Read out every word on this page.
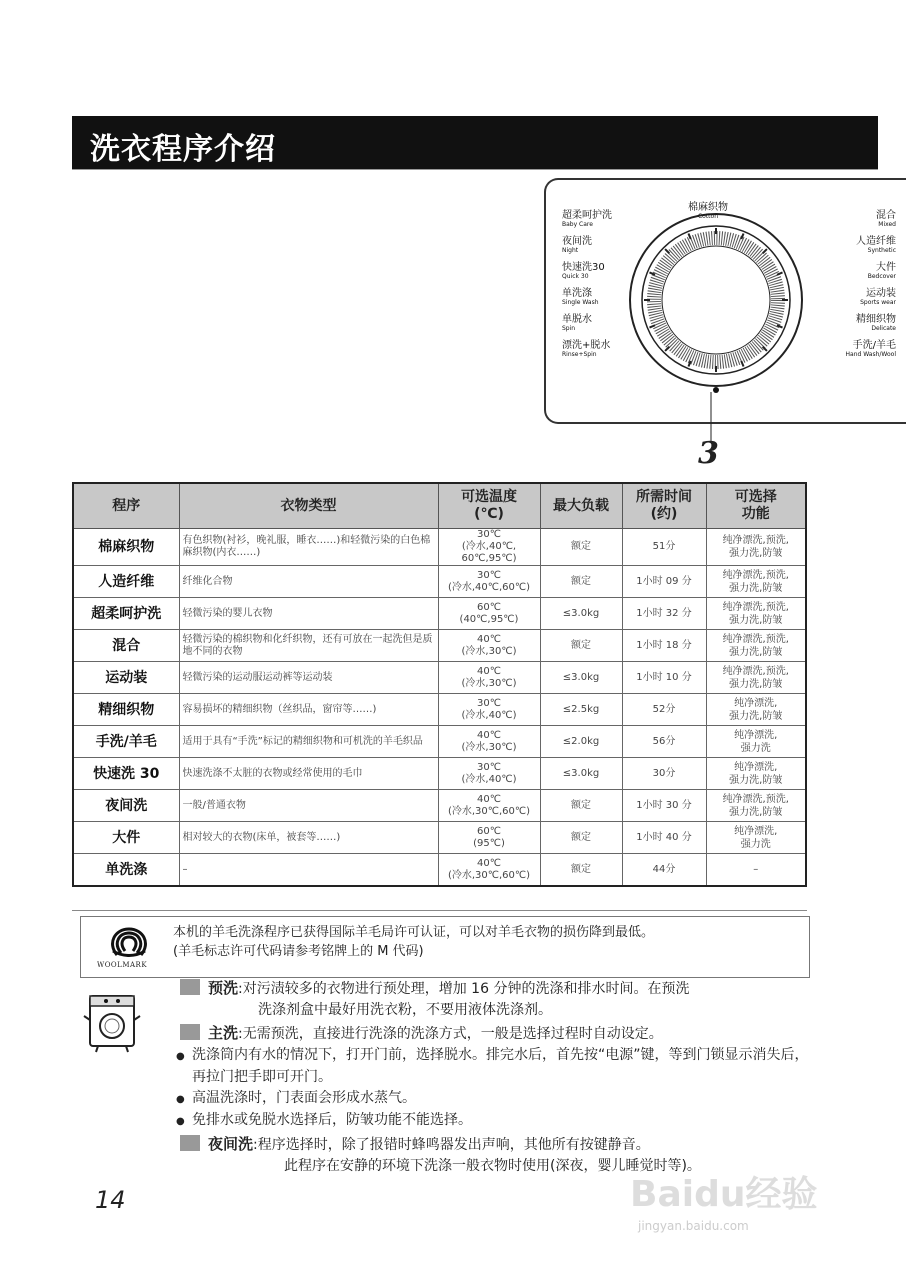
洗衣程序介绍
棉麻织物
Cotton
超柔呵护洗
Baby Care
夜间洗
Night
快速洗30
Quick 30
单洗涤
Single Wash
单脱水
Spin
漂洗+脱水
Rinse+Spin
混合
Mixed
人造纤维
Synthetic
大件
Bedcover
运动装
Sports wear
精细织物
Delicate
手洗/羊毛
Hand Wash/Wool
3
程序	衣物类型	可选温度
(℃)	最大负载	所需时间
(约)	可选择
功能
棉麻织物	有色织物(衬衫，晚礼服，睡衣……)和轻微污染的白色棉麻织物(内衣……)	30℃
(冷水,40℃,
60℃,95℃)	额定	51分	纯净漂洗,预洗,
强力洗,防皱
人造纤维	纤维化合物	30℃
(冷水,40℃,60℃)	额定	1小时 09 分	纯净漂洗,预洗,
强力洗,防皱
超柔呵护洗	轻微污染的婴儿衣物	60℃
(40℃,95℃)	≤3.0kg	1小时 32 分	纯净漂洗,预洗,
强力洗,防皱
混合	轻微污染的棉织物和化纤织物，还有可放在一起洗但是质地不同的衣物	40℃
(冷水,30℃)	额定	1小时 18 分	纯净漂洗,预洗,
强力洗,防皱
运动装	轻微污染的运动服运动裤等运动装	40℃
(冷水,30℃)	≤3.0kg	1小时 10 分	纯净漂洗,预洗,
强力洗,防皱
精细织物	容易损坏的精细织物（丝织品，窗帘等……)	30℃
(冷水,40℃)	≤2.5kg	52分	纯净漂洗,
强力洗,防皱
手洗/羊毛	适用于具有“手洗”标记的精细织物和可机洗的羊毛织品	40℃
(冷水,30℃)	≤2.0kg	56分	纯净漂洗,
强力洗
快速洗 30	快速洗涤不太脏的衣物或经常使用的毛巾	30℃
(冷水,40℃)	≤3.0kg	30分	纯净漂洗,
强力洗,防皱
夜间洗	一般/普通衣物	40℃
(冷水,30℃,60℃)	额定	1小时 30 分	纯净漂洗,预洗,
强力洗,防皱
大件	相对较大的衣物(床单，被套等……)	60℃
(95℃)	额定	1小时 40 分	纯净漂洗,
强力洗
单洗涤	–	40℃
(冷水,30℃,60℃)	额定	44分	–
WOOLMARK
本机的羊毛洗涤程序已获得国际羊毛局许可认证，可以对羊毛衣物的损伤降到最低。
(羊毛标志许可代码请参考铭牌上的 M 代码)
预洗:对污渍较多的衣物进行预处理，增加 16 分钟的洗涤和排水时间。在预洗
洗涤剂盒中最好用洗衣粉，不要用液体洗涤剂。
主洗:无需预洗，直接进行洗涤的洗涤方式，一般是选择过程时自动设定。
● 洗涤筒内有水的情况下，打开门前，选择脱水。排完水后，首先按“电源”键，等到门锁显示消失后，再拉门把手即可开门。
● 高温洗涤时，门表面会形成水蒸气。
● 免排水或免脱水选择后，防皱功能不能选择。
夜间洗:程序选择时，除了报错时蜂鸣器发出声响，其他所有按键静音。
此程序在安静的环境下洗涤一般衣物时使用(深夜，婴儿睡觉时等)。
14	Baidu经验
jingyan.baidu.com
